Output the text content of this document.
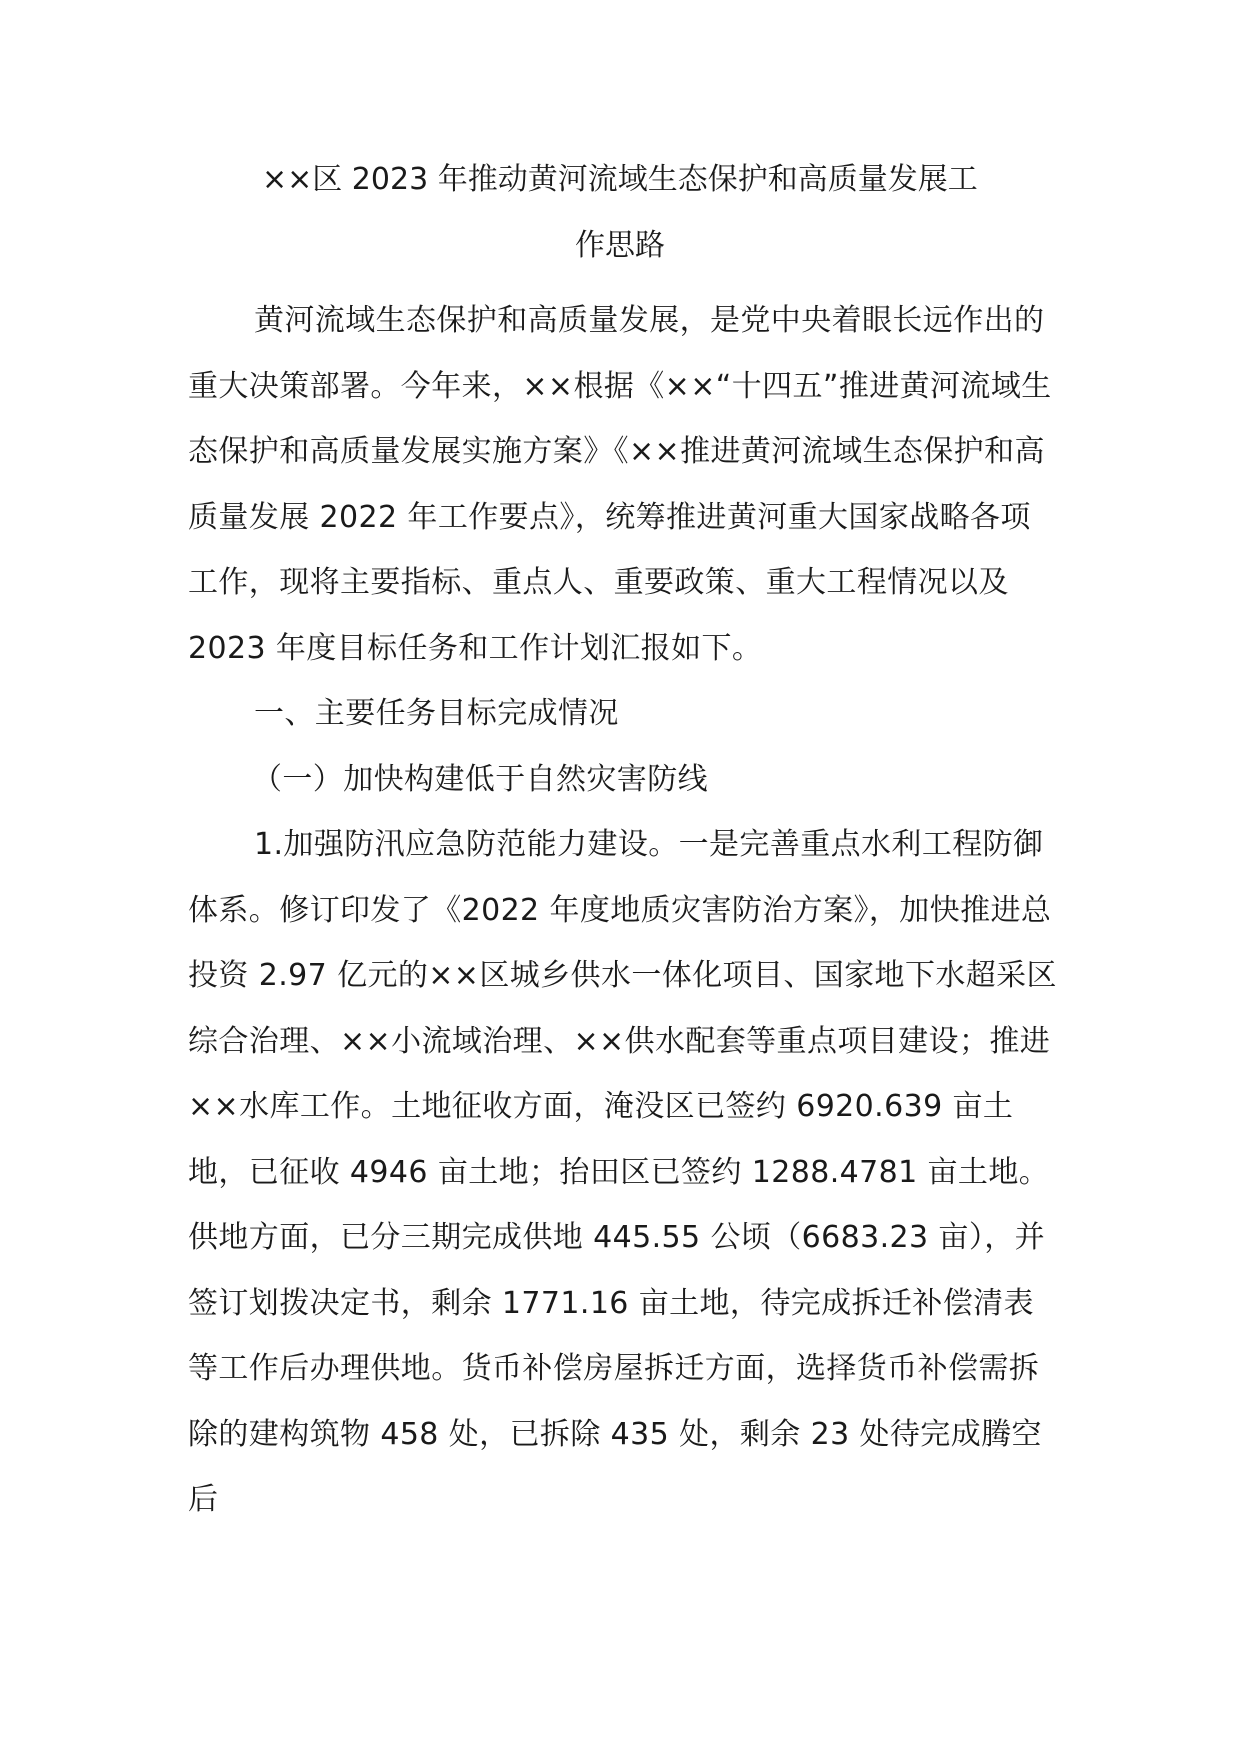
××区 2023 年推动黄河流域生态保护和高质量发展工
作思路

黄河流域生态保护和高质量发展，是党中央着眼长远作出的重大决策部署。今年来，××根据《××“十四五”推进黄河流域生态保护和高质量发展实施方案》《××推进黄河流域生态保护和高质量发展 2022 年工作要点》，统筹推进黄河重大国家战略各项工作，现将主要指标、重点人、重要政策、重大工程情况以及 2023 年度目标任务和工作计划汇报如下。

一、主要任务目标完成情况

（一）加快构建低于自然灾害防线

1.加强防汛应急防范能力建设。一是完善重点水利工程防御体系。修订印发了《2022 年度地质灾害防治方案》，加快推进总投资 2.97 亿元的××区城乡供水一体化项目、国家地下水超采区综合治理、××小流域治理、××供水配套等重点项目建设；推进××水库工作。土地征收方面，淹没区已签约 6920.639 亩土地，已征收 4946 亩土地；抬田区已签约 1288.4781 亩土地。供地方面，已分三期完成供地 445.55 公顷（6683.23 亩），并签订划拨决定书，剩余 1771.16 亩土地，待完成拆迁补偿清表等工作后办理供地。货币补偿房屋拆迁方面，选择货币补偿需拆除的建构筑物 458 处，已拆除 435 处，剩余 23 处待完成腾空后
